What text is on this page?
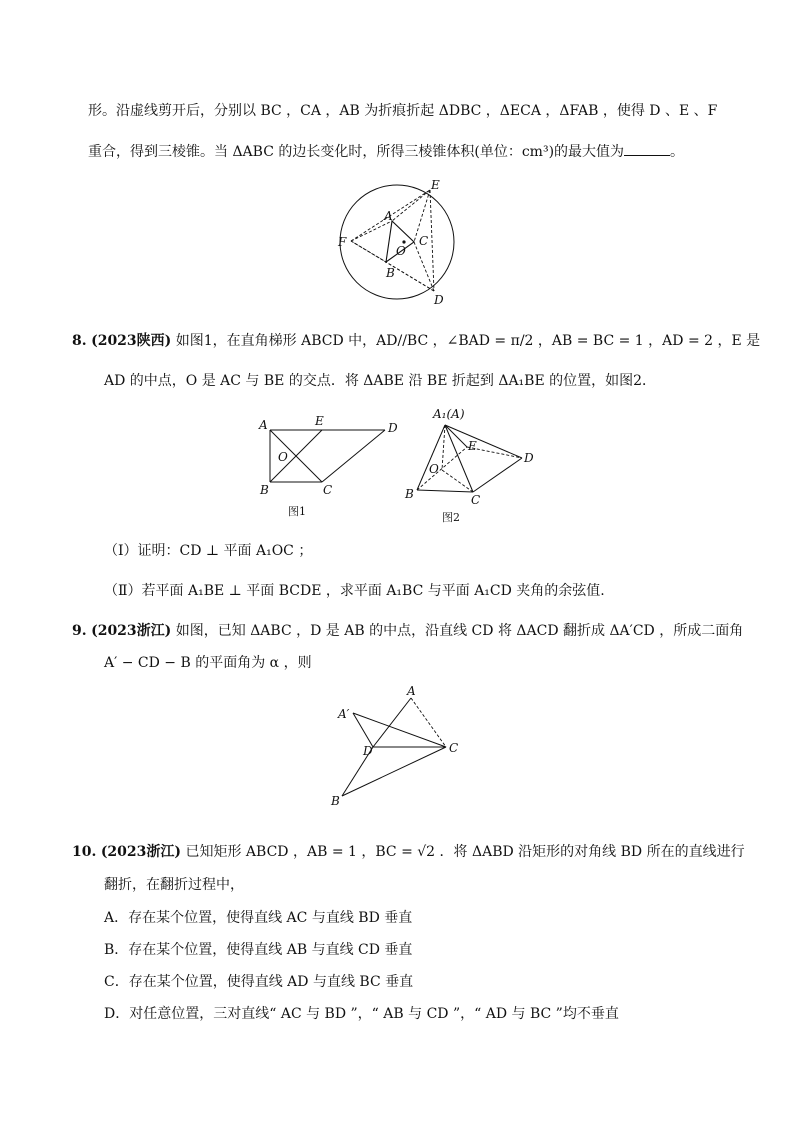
形。沿虚线剪开后，分别以 BC ，CA ，AB 为折痕折起 ΔDBC ，ΔECA ，ΔFAB ，使得 D 、E 、F
重合，得到三棱锥。当 ΔABC 的边长变化时，所得三棱锥体积(单位：cm³)的最大值为	。
E
A
F
O
C
B
D
8. (2023陕西) 如图1，在直角梯形 ABCD 中，AD//BC ，∠BAD = π/2 ，AB = BC = 1 ，AD = 2 ，E 是
AD 的中点，O 是 AC 与 BE 的交点．将 ΔABE 沿 BE 折起到 ΔA₁BE 的位置，如图2．
A	E	D
O
B	C
图1
A₁(A)
E
D
O
B	C
图2
（Ⅰ）证明：CD ⊥ 平面 A₁OC ；
（Ⅱ）若平面 A₁BE ⊥ 平面 BCDE ，求平面 A₁BC 与平面 A₁CD 夹角的余弦值.
9. (2023浙江) 如图，已知 ΔABC ，D 是 AB 的中点，沿直线 CD 将 ΔACD 翻折成 ΔA′CD ，所成二面角
A′ − CD − B 的平面角为 α ，则
A
A′
D	C
B
10. (2023浙江) 已知矩形 ABCD ，AB = 1 ，BC = √2 ．将 ΔABD 沿矩形的对角线 BD 所在的直线进行
翻折，在翻折过程中，
A．存在某个位置，使得直线 AC 与直线 BD 垂直
B．存在某个位置，使得直线 AB 与直线 CD 垂直
C．存在某个位置，使得直线 AD 与直线 BC 垂直
D．对任意位置，三对直线“ AC 与 BD ”，“ AB 与 CD ”，“ AD 与 BC ”均不垂直
